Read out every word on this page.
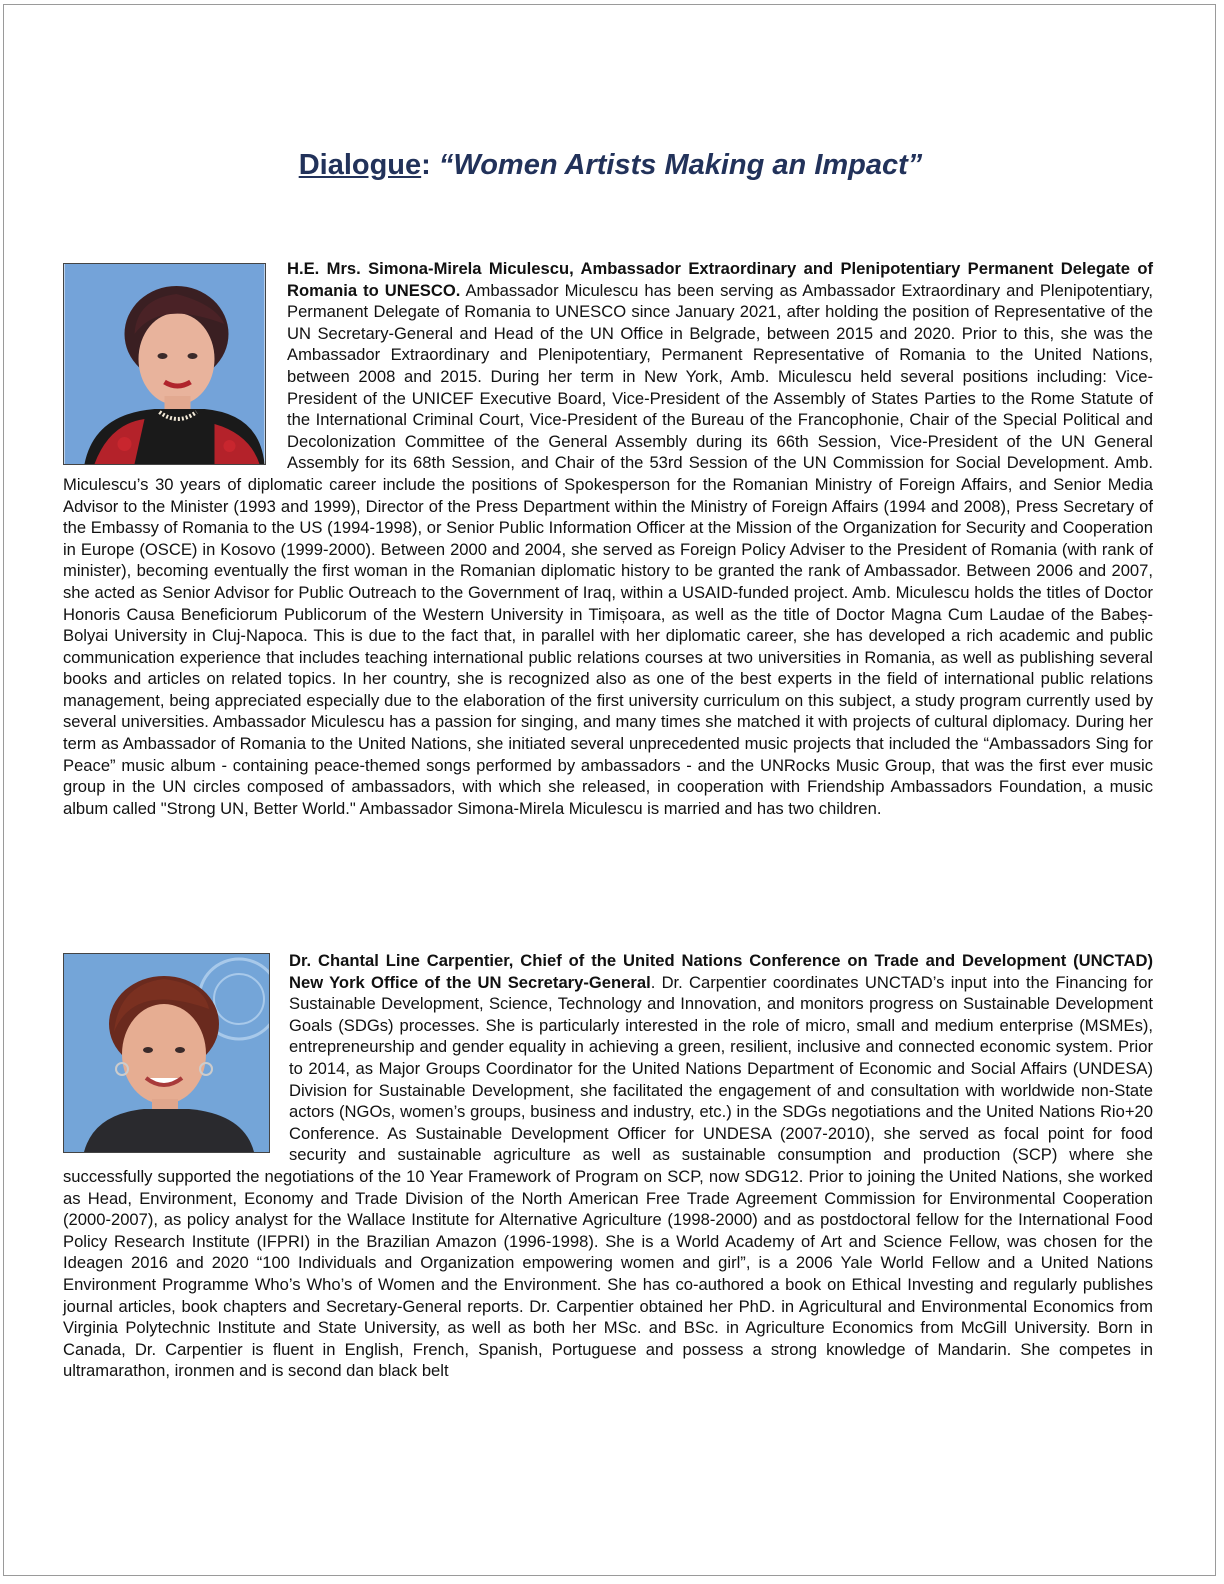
Dialogue: “Women Artists Making an Impact”
H.E. Mrs. Simona-Mirela Miculescu, Ambassador Extraordinary and Plenipotentiary Permanent Delegate of Romania to UNESCO. Ambassador Miculescu has been serving as Ambassador Extraordinary and Plenipotentiary, Permanent Delegate of Romania to UNESCO since January 2021, after holding the position of Representative of the UN Secretary-General and Head of the UN Office in Belgrade, between 2015 and 2020. Prior to this, she was the Ambassador Extraordinary and Plenipotentiary, Permanent Representative of Romania to the United Nations, between 2008 and 2015. During her term in New York, Amb. Miculescu held several positions including: Vice-President of the UNICEF Executive Board, Vice-President of the Assembly of States Parties to the Rome Statute of the International Criminal Court, Vice-President of the Bureau of the Francophonie, Chair of the Special Political and Decolonization Committee of the General Assembly during its 66th Session, Vice-President of the UN General Assembly for its 68th Session, and Chair of the 53rd Session of the UN Commission for Social Development. Amb. Miculescu’s 30 years of diplomatic career include the positions of Spokesperson for the Romanian Ministry of Foreign Affairs, and Senior Media Advisor to the Minister (1993 and 1999), Director of the Press Department within the Ministry of Foreign Affairs (1994 and 2008), Press Secretary of the Embassy of Romania to the US (1994-1998), or Senior Public Information Officer at the Mission of the Organization for Security and Cooperation in Europe (OSCE) in Kosovo (1999-2000). Between 2000 and 2004, she served as Foreign Policy Adviser to the President of Romania (with rank of minister), becoming eventually the first woman in the Romanian diplomatic history to be granted the rank of Ambassador. Between 2006 and 2007, she acted as Senior Advisor for Public Outreach to the Government of Iraq, within a USAID-funded project. Amb. Miculescu holds the titles of Doctor Honoris Causa Beneficiorum Publicorum of the Western University in Timișoara, as well as the title of Doctor Magna Cum Laudae of the Babeș-Bolyai University in Cluj-Napoca. This is due to the fact that, in parallel with her diplomatic career, she has developed a rich academic and public communication experience that includes teaching international public relations courses at two universities in Romania, as well as publishing several books and articles on related topics. In her country, she is recognized also as one of the best experts in the field of international public relations management, being appreciated especially due to the elaboration of the first university curriculum on this subject, a study program currently used by several universities. Ambassador Miculescu has a passion for singing, and many times she matched it with projects of cultural diplomacy. During her term as Ambassador of Romania to the United Nations, she initiated several unprecedented music projects that included the “Ambassadors Sing for Peace” music album - containing peace-themed songs performed by ambassadors - and the UNRocks Music Group, that was the first ever music group in the UN circles composed of ambassadors, with which she released, in cooperation with Friendship Ambassadors Foundation, a music album called "Strong UN, Better World." Ambassador Simona-Mirela Miculescu is married and has two children.
Dr. Chantal Line Carpentier, Chief of the United Nations Conference on Trade and Development (UNCTAD) New York Office of the UN Secretary-General. Dr. Carpentier coordinates UNCTAD’s input into the Financing for Sustainable Development, Science, Technology and Innovation, and monitors progress on Sustainable Development Goals (SDGs) processes. She is particularly interested in the role of micro, small and medium enterprise (MSMEs), entrepreneurship and gender equality in achieving a green, resilient, inclusive and connected economic system. Prior to 2014, as Major Groups Coordinator for the United Nations Department of Economic and Social Affairs (UNDESA) Division for Sustainable Development, she facilitated the engagement of and consultation with worldwide non-State actors (NGOs, women’s groups, business and industry, etc.) in the SDGs negotiations and the United Nations Rio+20 Conference. As Sustainable Development Officer for UNDESA (2007-2010), she served as focal point for food security and sustainable agriculture as well as sustainable consumption and production (SCP) where she successfully supported the negotiations of the 10 Year Framework of Program on SCP, now SDG12. Prior to joining the United Nations, she worked as Head, Environment, Economy and Trade Division of the North American Free Trade Agreement Commission for Environmental Cooperation (2000-2007), as policy analyst for the Wallace Institute for Alternative Agriculture (1998-2000) and as postdoctoral fellow for the International Food Policy Research Institute (IFPRI) in the Brazilian Amazon (1996-1998). She is a World Academy of Art and Science Fellow, was chosen for the Ideagen 2016 and 2020 “100 Individuals and Organization empowering women and girl”, is a 2006 Yale World Fellow and a United Nations Environment Programme Who’s Who’s of Women and the Environment. She has co-authored a book on Ethical Investing and regularly publishes journal articles, book chapters and Secretary-General reports. Dr. Carpentier obtained her PhD. in Agricultural and Environmental Economics from Virginia Polytechnic Institute and State University, as well as both her MSc. and BSc. in Agriculture Economics from McGill University. Born in Canada, Dr. Carpentier is fluent in English, French, Spanish, Portuguese and possess a strong knowledge of Mandarin. She competes in ultramarathon, ironmen and is second dan black belt
